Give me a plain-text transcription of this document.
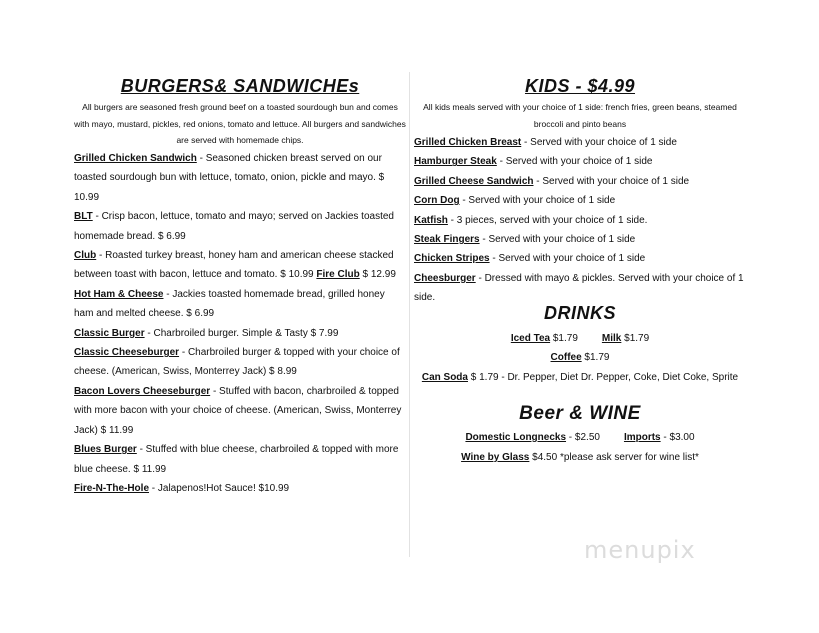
BURGERS& SANDWICHEs

All burgers are seasoned fresh ground beef on a toasted sourdough bun and comes with mayo, mustard, pickles, red onions, tomato and lettuce. All burgers and sandwiches are served with homemade chips.

Grilled Chicken Sandwich - Seasoned chicken breast served on our toasted sourdough bun with lettuce, tomato, onion, pickle and mayo. $ 10.99
BLT - Crisp bacon, lettuce, tomato and mayo; served on Jackies toasted homemade bread. $ 6.99
Club - Roasted turkey breast, honey ham and american cheese stacked between toast with bacon, lettuce and tomato. $ 10.99 Fire Club $ 12.99
Hot Ham & Cheese - Jackies toasted homemade bread, grilled honey ham and melted cheese. $ 6.99
Classic Burger - Charbroiled burger. Simple & Tasty $ 7.99
Classic Cheeseburger - Charbroiled burger & topped with your choice of cheese. (American, Swiss, Monterrey Jack) $ 8.99
Bacon Lovers Cheeseburger - Stuffed with bacon, charbroiled & topped with more bacon with your choice of cheese. (American, Swiss, Monterrey Jack) $ 11.99
Blues Burger - Stuffed with blue cheese, charbroiled & topped with more blue cheese. $ 11.99
Fire-N-The-Hole - Jalapenos!Hot Sauce! $10.99
KIDS - $4.99

All kids meals served with your choice of 1 side: french fries, green beans, steamed broccoli and pinto beans

Grilled Chicken Breast - Served with your choice of 1 side
Hamburger Steak - Served with your choice of 1 side
Grilled Cheese Sandwich - Served with your choice of 1 side
Corn Dog - Served with your choice of 1 side
Katfish - 3 pieces, served with your choice of 1 side.
Steak Fingers - Served with your choice of 1 side
Chicken Stripes - Served with your choice of 1 side
Cheesburger - Dressed with mayo & pickles. Served with your choice of 1 side.
DRINKS

Iced Tea $1.79 Milk $1.79

Coffee $1.79

Can Soda $ 1.79 - Dr. Pepper, Diet Dr. Pepper, Coke, Diet Coke, Sprite

Beer & WINE

Domestic Longnecks - $2.50 Imports - $3.00

Wine by Glass $4.50 *please ask server for wine list*

menupix
